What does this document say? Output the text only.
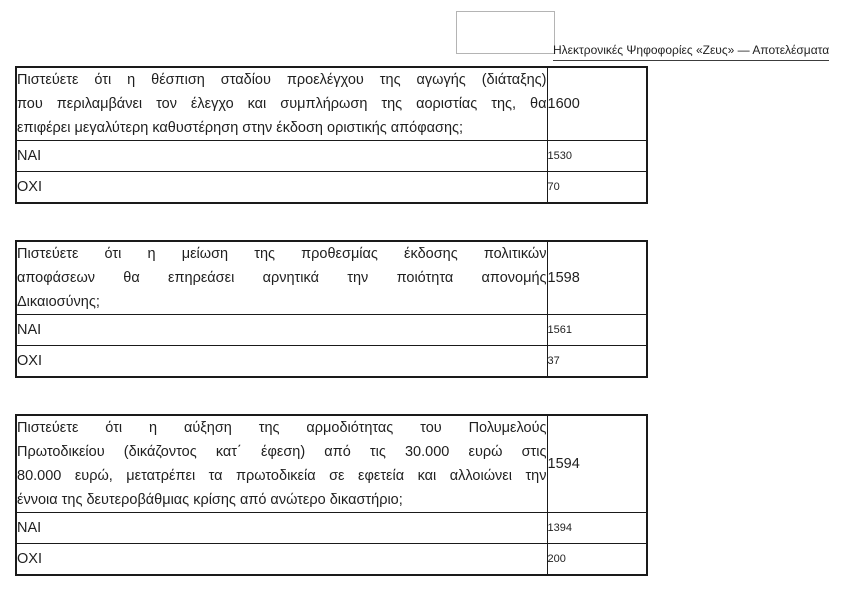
Ηλεκτρονικές Ψηφοφορίες «Ζευς» — Αποτελέσματα
Πιστεύετε ότι η θέσπιση σταδίου προελέγχου της αγωγής (διάταξης)
που περιλαμβάνει τον έλεγχο και συμπλήρωση της αοριστίας της, θα
επιφέρει μεγαλύτερη καθυστέρηση στην έκδοση οριστικής απόφασης;	1600
ΝΑΙ	1530
ΟΧΙ	70
Πιστεύετε ότι η μείωση της προθεσμίας έκδοσης πολιτικών
αποφάσεων θα επηρεάσει αρνητικά την ποιότητα απονομής
Δικαιοσύνης;	1598
ΝΑΙ	1561
ΟΧΙ	37
Πιστεύετε ότι η αύξηση της αρμοδιότητας του Πολυμελούς
Πρωτοδικείου (δικάζοντος κατ΄ έφεση) από τις 30.000 ευρώ στις
80.000 ευρώ, μετατρέπει τα πρωτοδικεία σε εφετεία και αλλοιώνει την
έννοια της δευτεροβάθμιας κρίσης από ανώτερο δικαστήριο;	1594
ΝΑΙ	1394
ΟΧΙ	200
